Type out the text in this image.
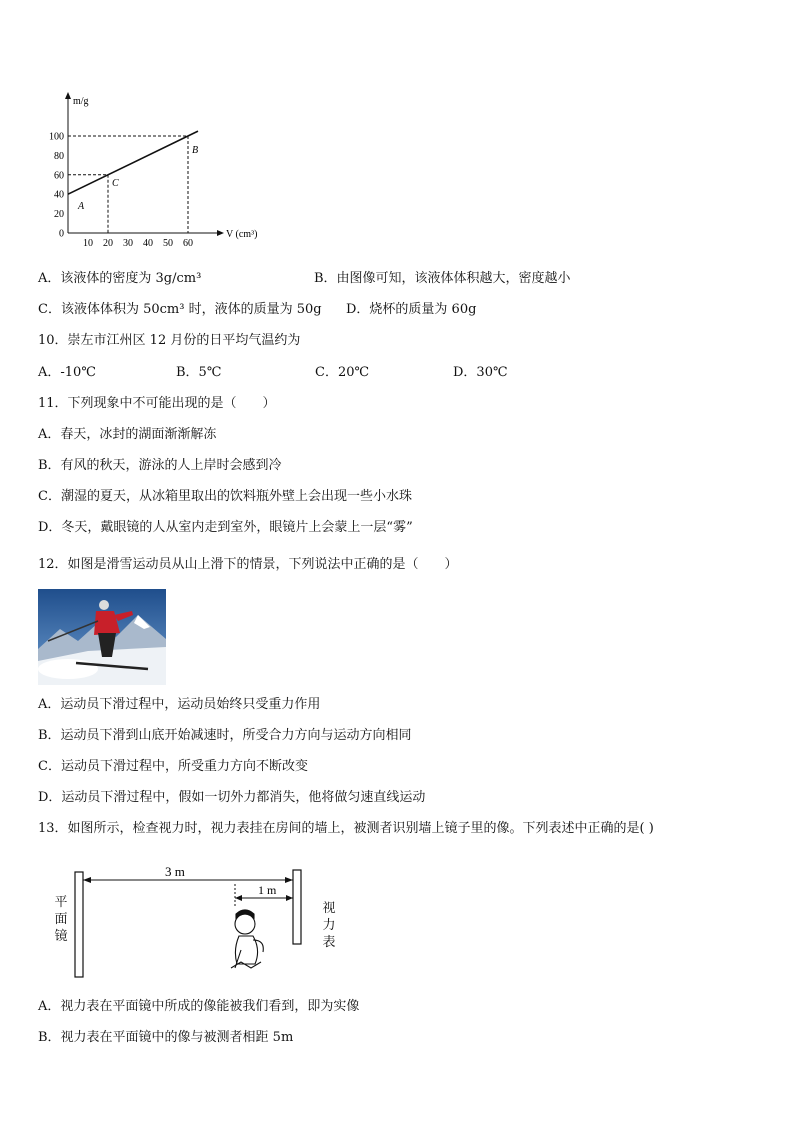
m/g
V (cm³)
100
80
60
40
20
0
10 20 30 40 50 60
A
B
C
A．该液体的密度为 3g/cm³	B．由图像可知，该液体体积越大，密度越小
C．该液体体积为 50cm³ 时，液体的质量为 50g D．烧杯的质量为 60g
10．崇左市江州区 12 月份的日平均气温约为
A．-10℃	B．5℃	C．20℃	D．30℃
11．下列现象中不可能出现的是（　　）
A．春天，冰封的湖面渐渐解冻
B．有风的秋天，游泳的人上岸时会感到冷
C．潮湿的夏天，从冰箱里取出的饮料瓶外壁上会出现一些小水珠
D．冬天，戴眼镜的人从室内走到室外，眼镜片上会蒙上一层“雾”
12．如图是滑雪运动员从山上滑下的情景，下列说法中正确的是（　　）
A．运动员下滑过程中，运动员始终只受重力作用
B．运动员下滑到山底开始减速时，所受合力方向与运动方向相同
C．运动员下滑过程中，所受重力方向不断改变
D．运动员下滑过程中，假如一切外力都消失，他将做匀速直线运动
13．如图所示，检查视力时，视力表挂在房间的墙上，被测者识别墙上镜子里的像。下列表述中正确的是( )
3 m
1 m
平面镜
视力表
A．视力表在平面镜中所成的像能被我们看到，即为实像
B．视力表在平面镜中的像与被测者相距 5m
